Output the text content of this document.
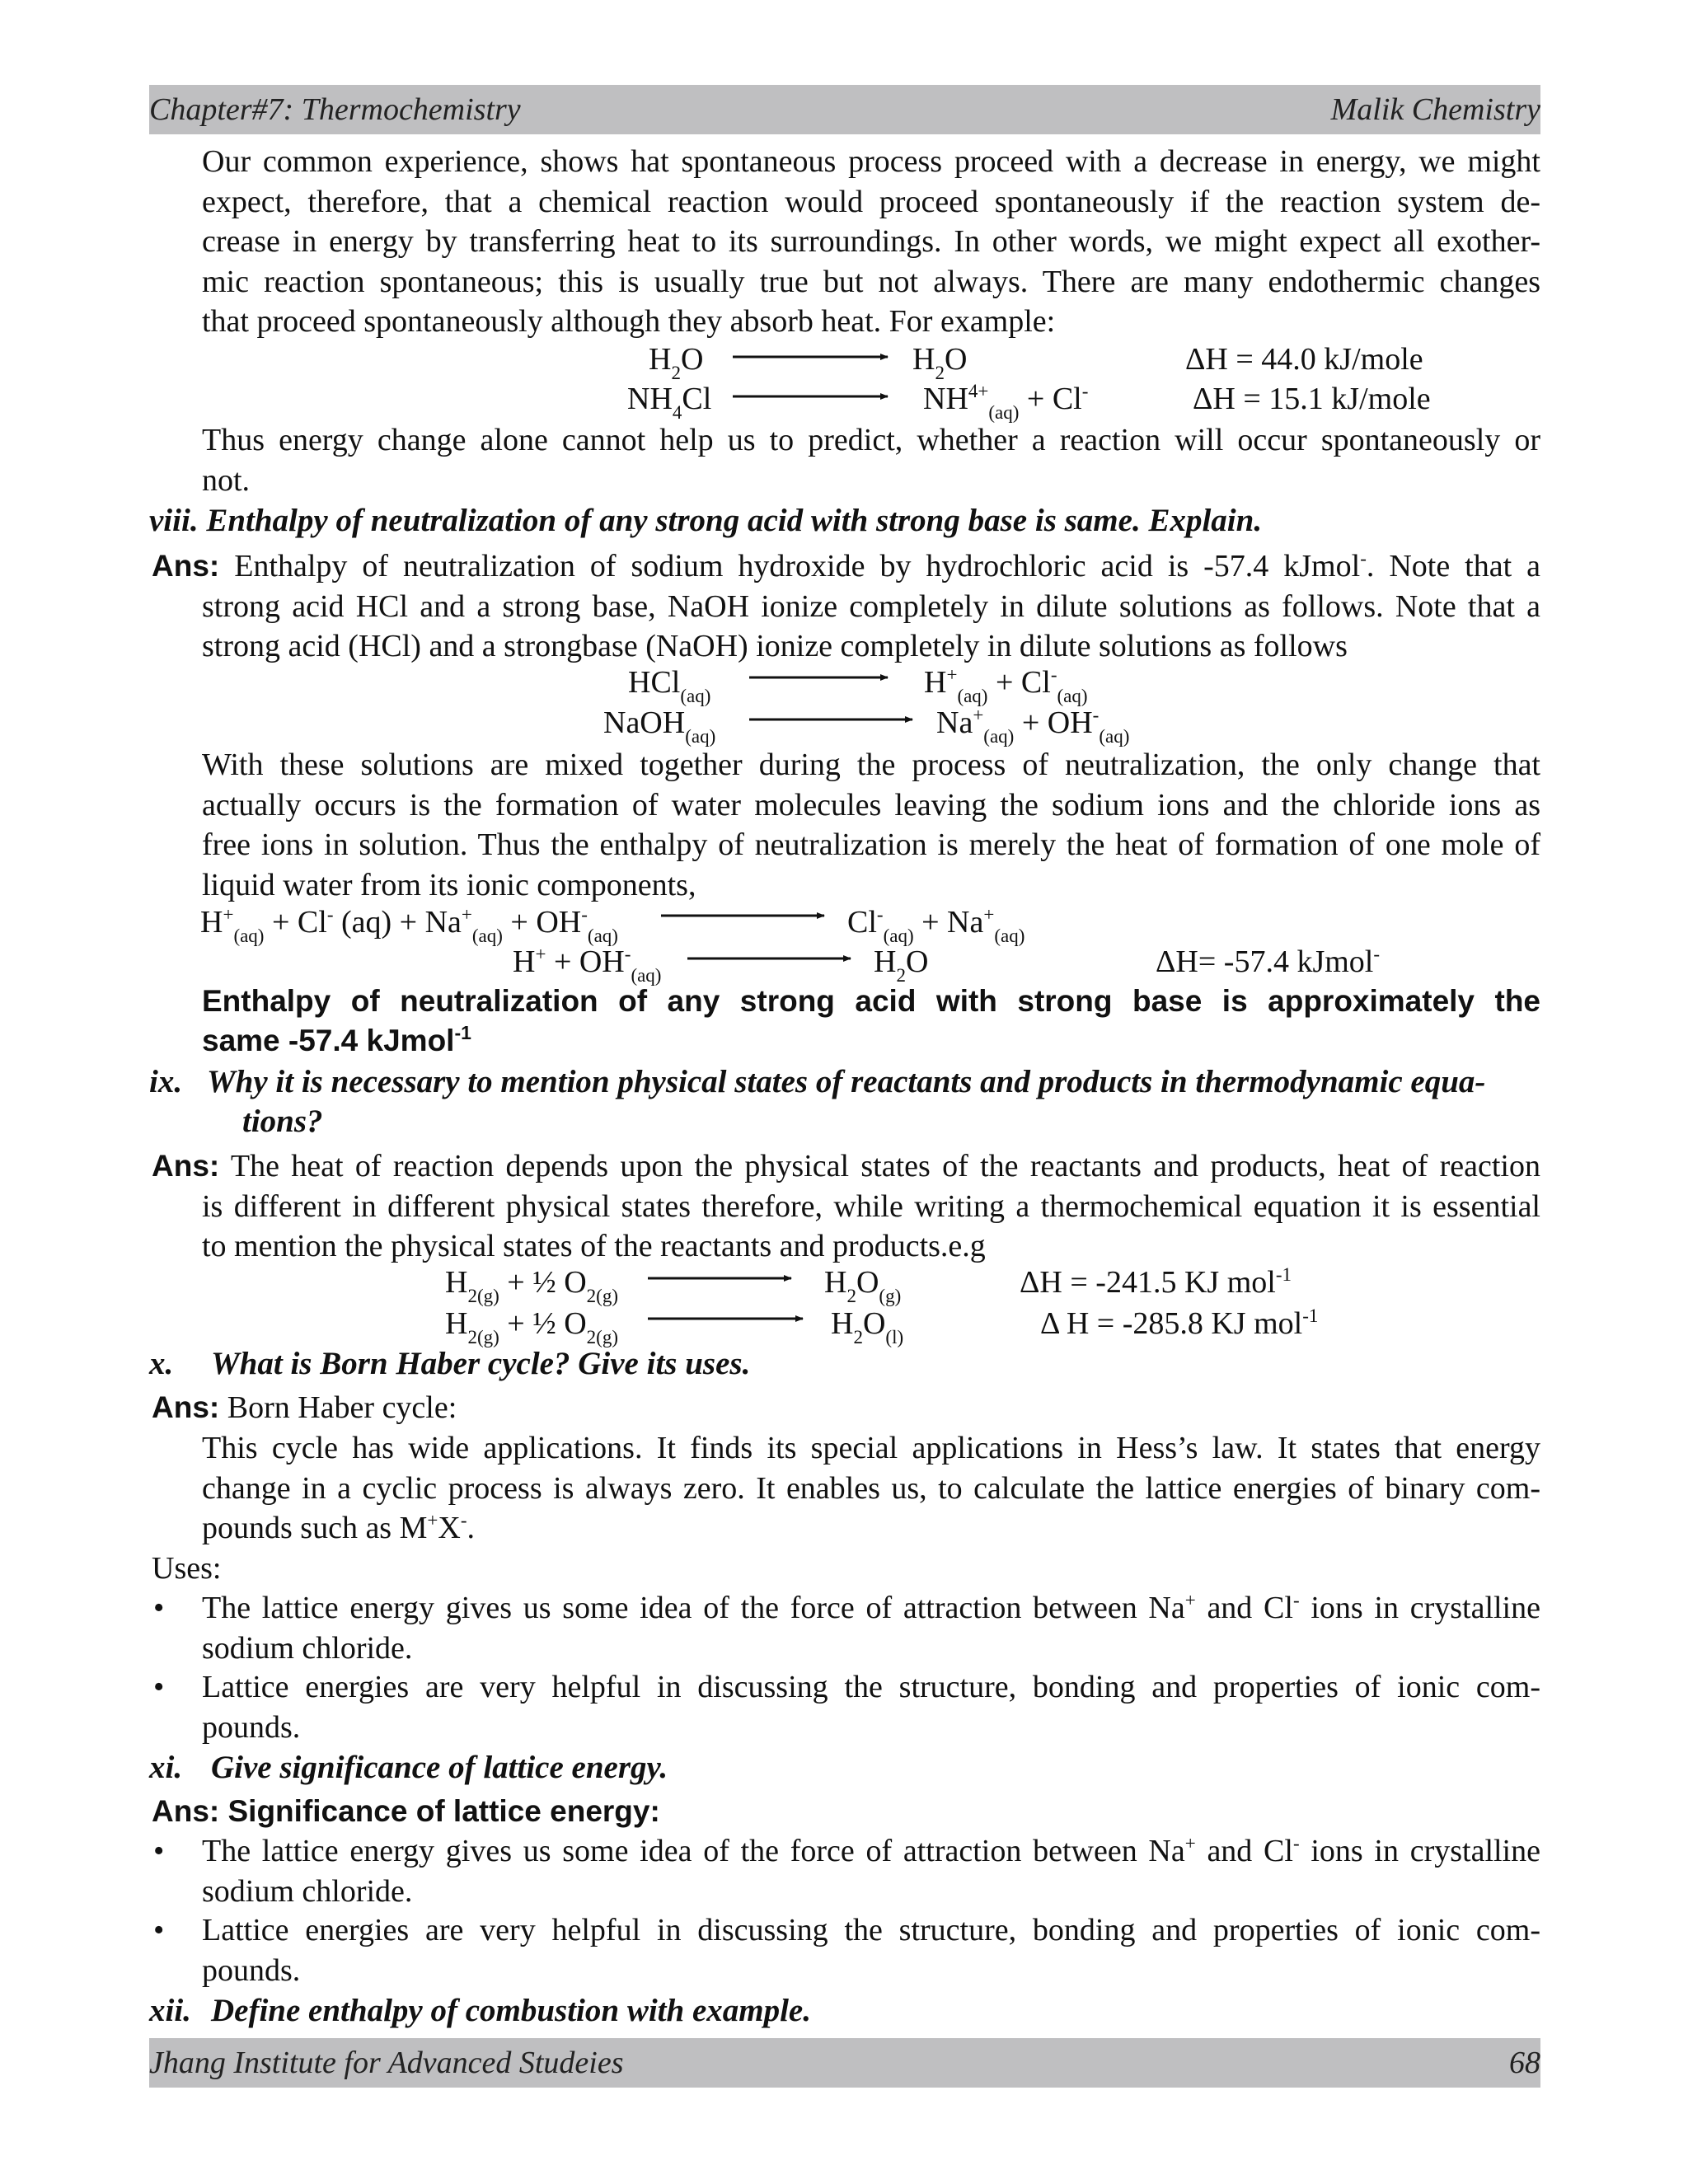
Chapter#7: Thermochemistry	Malik Chemistry
Our common experience, shows hat spontaneous process proceed with a decrease in energy, we might
expect, therefore, that a chemical reaction would proceed spontaneously if the reaction system de-
crease in energy by transferring heat to its surroundings. In other words, we might expect all exother-
mic reaction spontaneous; this is usually true but not always. There are many endothermic changes
that proceed spontaneously although they absorb heat. For example:
$H_2O$	$H_2O$	ΔH = 44.0 kJ/mole
$NH_4Cl$	$NH^{4+}_{(aq)} + Cl^-$	ΔH = 15.1 kJ/mole
Thus energy change alone cannot help us to predict, whether a reaction will occur spontaneously or
not.
viii. Enthalpy of neutralization of any strong acid with strong base is same. Explain.
Ans: Enthalpy of neutralization of sodium hydroxide by hydrochloric acid is -57.4 kJmol-. Note that a
strong acid HCl and a strong base, NaOH ionize completely in dilute solutions as follows. Note that a
strong acid (HCl) and a strongbase (NaOH) ionize completely in dilute solutions as follows
HCl$_{(aq)}$	$H^+_{(aq)} + Cl^-_{(aq)}$
NaOH$_{(aq)}$	$Na^+_{(aq)} + OH^-_{(aq)}$
With these solutions are mixed together during the process of neutralization, the only change that
actually occurs is the formation of water molecules leaving the sodium ions and the chloride ions as
free ions in solution. Thus the enthalpy of neutralization is merely the heat of formation of one mole of
liquid water from its ionic components,
$H^+_{(aq)} + Cl^-$ $(aq) + Na^+_{(aq)} + OH^-_{(aq)}$	$Cl^-_{(aq)} + Na^+_{(aq)}$
$H^+ + OH^-_{(aq)}$	$H_2O$	ΔH= -57.4 kJmol-
Enthalpy of neutralization of any strong acid with strong base is approximately the
same -57.4 kJmol$^{-1}$
ix. Why it is necessary to mention physical states of reactants and products in thermodynamic equa-
tions?
Ans: The heat of reaction depends upon the physical states of the reactants and products, heat of reaction
is different in different physical states therefore, while writing a thermochemical equation it is essential
to mention the physical states of the reactants and products.e.g
$H_{2(g)}$ + ½ $O_{2(g)}$	$H_2O_{(g)}$	ΔH = -241.5 KJ mol$^{-1}$
$H_{2(g)}$ + ½ $O_{2(g)}$	$H_2O_{(l)}$	Δ H = -285.8 KJ mol$^{-1}$
x. What is Born Haber cycle? Give its uses.
Ans: Born Haber cycle:
This cycle has wide applications. It finds its special applications in Hess’s law. It states that energy
change in a cyclic process is always zero. It enables us, to calculate the lattice energies of binary com-
pounds such as M+X-.
Uses:
• The lattice energy gives us some idea of the force of attraction between Na+ and Cl- ions in crystalline
sodium chloride.
• Lattice energies are very helpful in discussing the structure, bonding and properties of ionic com-
pounds.
xi. Give significance of lattice energy.
Ans: Significance of lattice energy:
• The lattice energy gives us some idea of the force of attraction between Na+ and Cl- ions in crystalline
sodium chloride.
• Lattice energies are very helpful in discussing the structure, bonding and properties of ionic com-
pounds.
xii. Define enthalpy of combustion with example.
Jhang Institute for Advanced Studeies	68
